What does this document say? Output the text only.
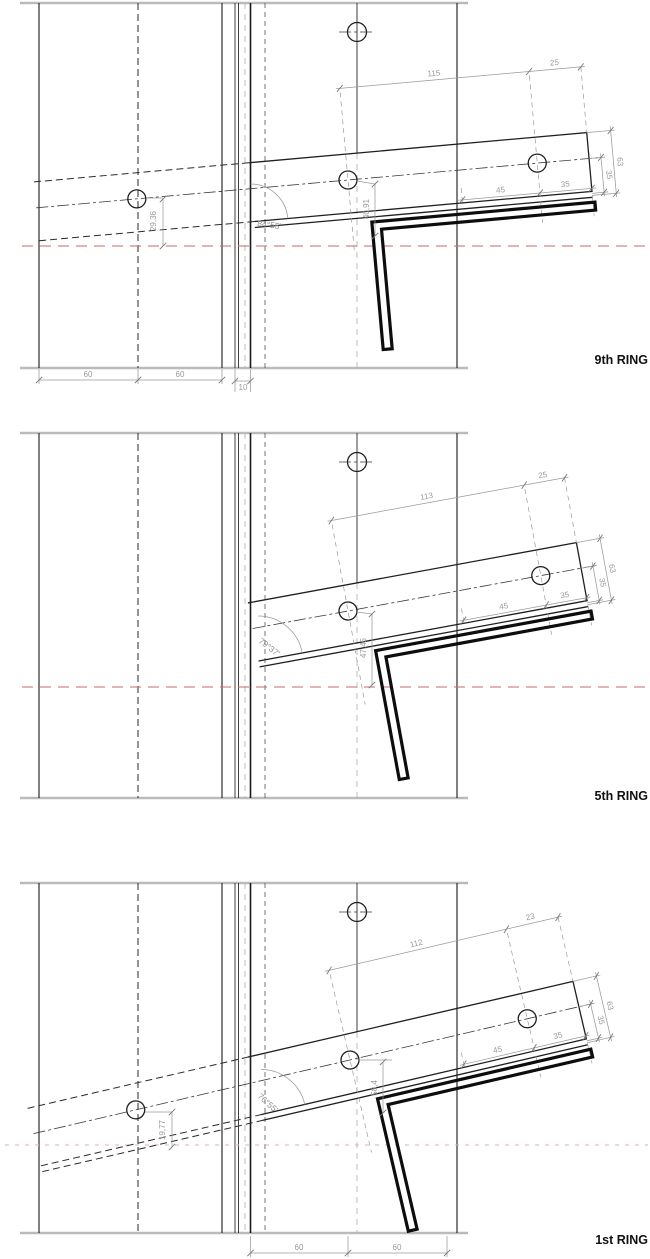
115
25
63
35
45
35
40,91
29,36	84°55'
60	60
10
9th RING
113
25
63
35
45
35
47,45
79°37'
5th RING
112
23
63
35
45
35
58,4
19,77
76°55'
60	60
1st RING
